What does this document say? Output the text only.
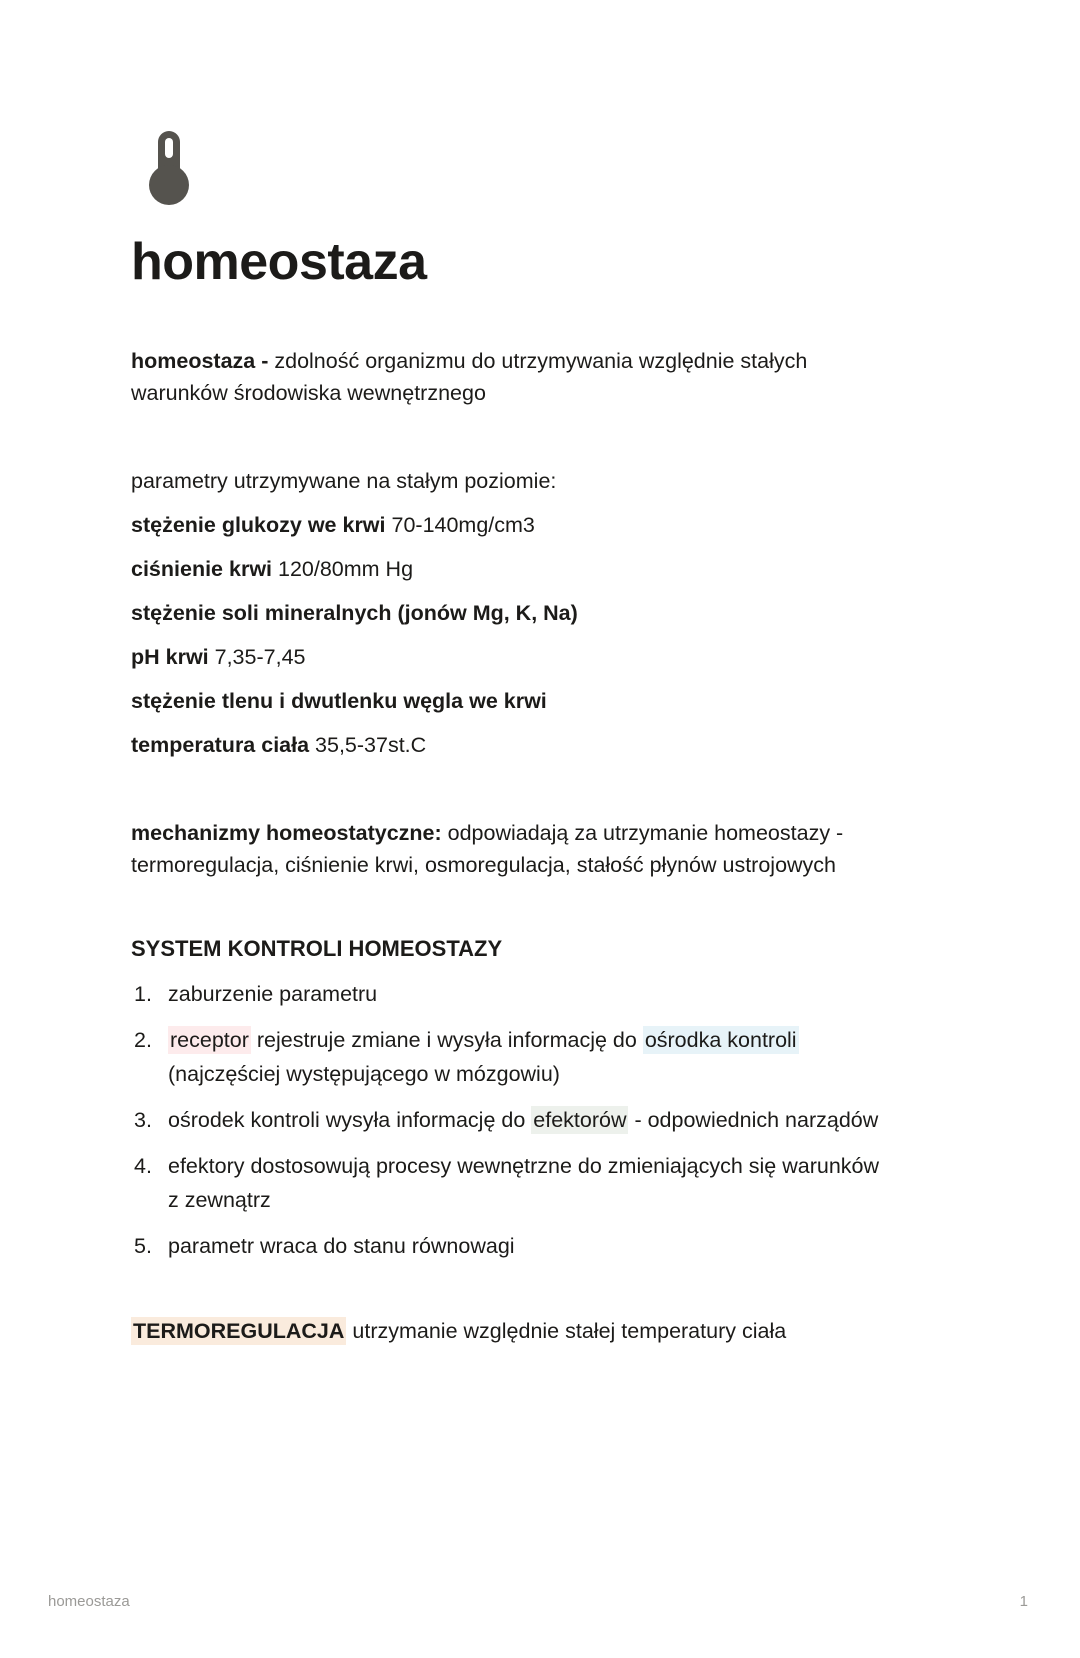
homeostaza

homeostaza - zdolność organizmu do utrzymywania względnie stałych
warunków środowiska wewnętrznego

parametry utrzymywane na stałym poziomie:

stężenie glukozy we krwi 70-140mg/cm3

ciśnienie krwi 120/80mm Hg

stężenie soli mineralnych (jonów Mg, K, Na)

pH krwi 7,35-7,45

stężenie tlenu i dwutlenku węgla we krwi

temperatura ciała 35,5-37st.C

mechanizmy homeostatyczne: odpowiadają za utrzymanie homeostazy -
termoregulacja, ciśnienie krwi, osmoregulacja, stałość płynów ustrojowych

SYSTEM KONTROLI HOMEOSTAZY
1. zaburzenie parametru
2. receptor rejestruje zmiane i wysyła informację do ośrodka kontroli
(najczęściej występującego w mózgowiu)
3. ośrodek kontroli wysyła informację do efektorów - odpowiednich narządów
4. efektory dostosowują procesy wewnętrzne do zmieniających się warunków
z zewnątrz
5. parametr wraca do stanu równowagi

TERMOREGULACJA utrzymanie względnie stałej temperatury ciała

homeostaza	1
